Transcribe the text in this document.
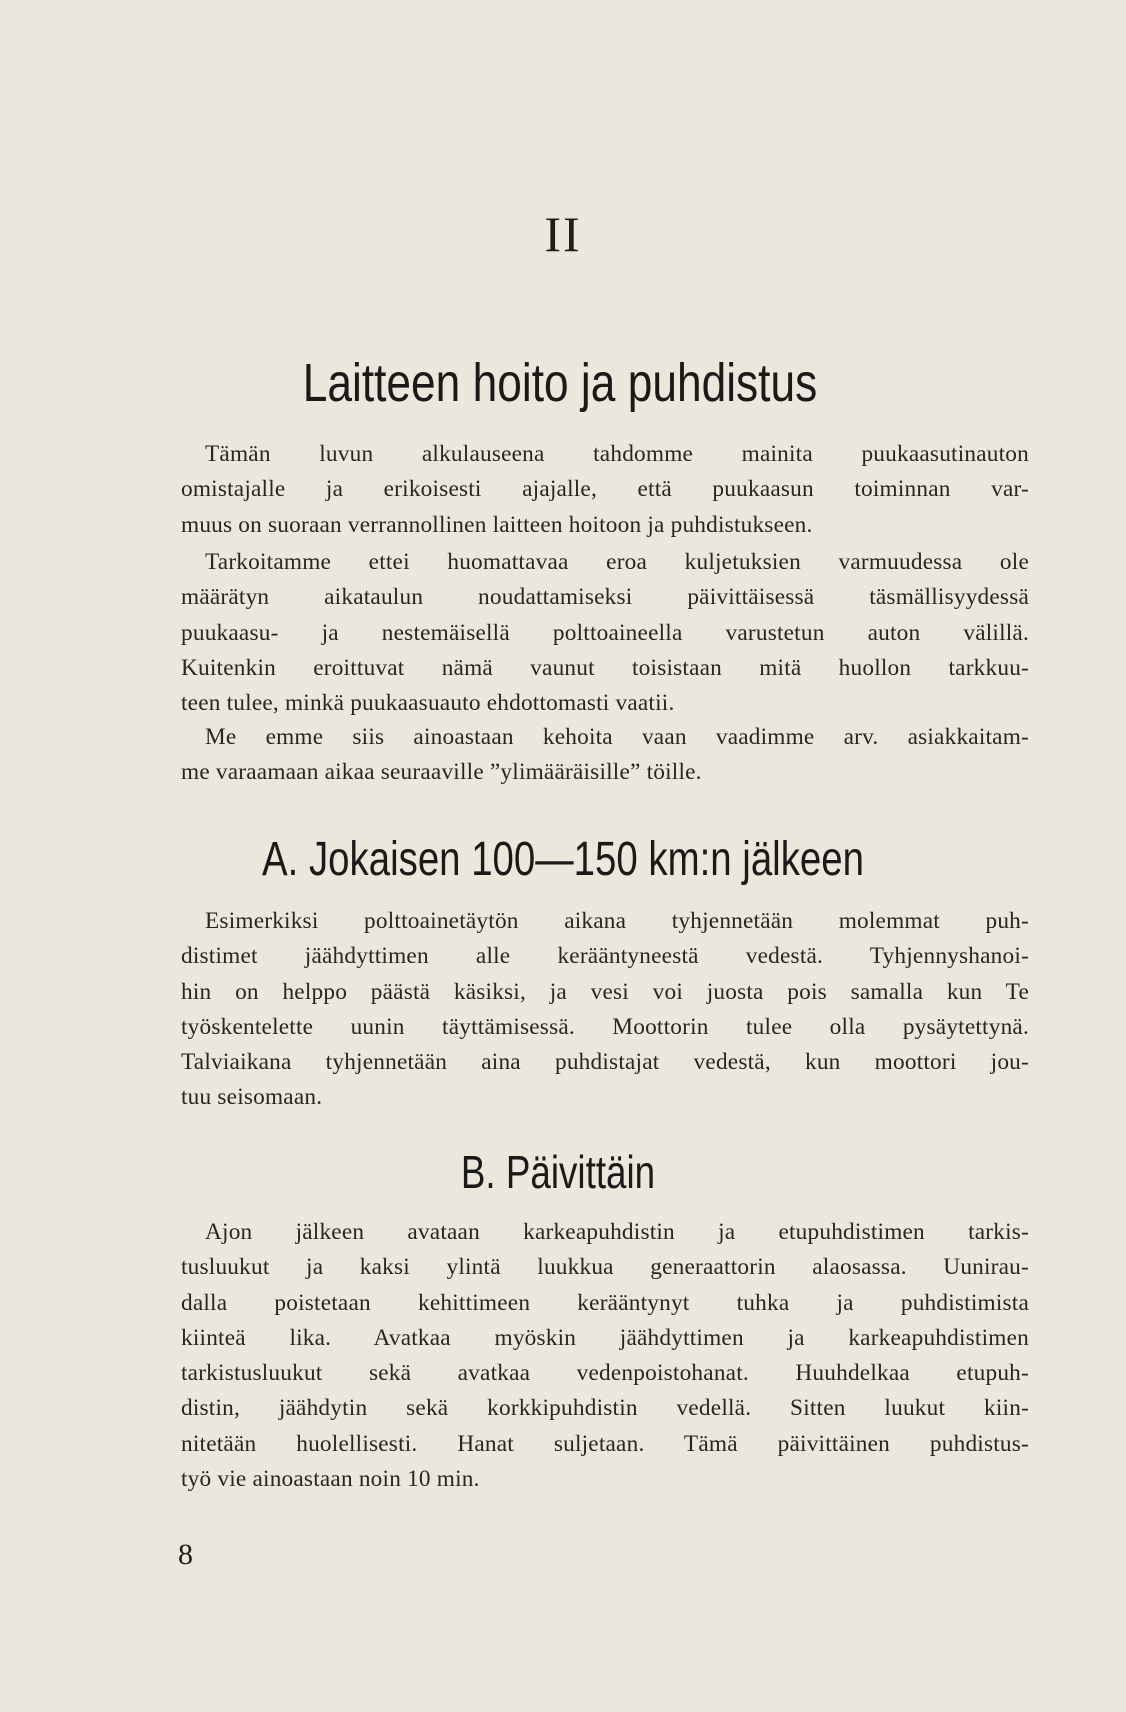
II
Laitteen hoito ja puhdistus
Tämän luvun alkulauseena tahdomme mainita puukaasutinauton
omistajalle ja erikoisesti ajajalle, että puukaasun toiminnan var-
muus on suoraan verrannollinen laitteen hoitoon ja puhdistukseen.
Tarkoitamme ettei huomattavaa eroa kuljetuksien varmuudessa ole
määrätyn aikataulun noudattamiseksi päivittäisessä täsmällisyydessä
puukaasu- ja nestemäisellä polttoaineella varustetun auton välillä.
Kuitenkin eroittuvat nämä vaunut toisistaan mitä huollon tarkkuu-
teen tulee, minkä puukaasuauto ehdottomasti vaatii.
Me emme siis ainoastaan kehoita vaan vaadimme arv. asiakkaitam-
me varaamaan aikaa seuraaville ”ylimääräisille” töille.
A. Jokaisen 100—150 km:n jälkeen
Esimerkiksi polttoainetäytön aikana tyhjennetään molemmat puh-
distimet jäähdyttimen alle kerääntyneestä vedestä. Tyhjennyshanoi-
hin on helppo päästä käsiksi, ja vesi voi juosta pois samalla kun Te
työskentelette uunin täyttämisessä. Moottorin tulee olla pysäytettynä.
Talviaikana tyhjennetään aina puhdistajat vedestä, kun moottori jou-
tuu seisomaan.
B. Päivittäin
Ajon jälkeen avataan karkeapuhdistin ja etupuhdistimen tarkis-
tusluukut ja kaksi ylintä luukkua generaattorin alaosassa. Uunirau-
dalla poistetaan kehittimeen kerääntynyt tuhka ja puhdistimista
kiinteä lika. Avatkaa myöskin jäähdyttimen ja karkeapuhdistimen
tarkistusluukut sekä avatkaa vedenpoistohanat. Huuhdelkaa etupuh-
distin, jäähdytin sekä korkkipuhdistin vedellä. Sitten luukut kiin-
nitetään huolellisesti. Hanat suljetaan. Tämä päivittäinen puhdistus-
työ vie ainoastaan noin 10 min.
8
